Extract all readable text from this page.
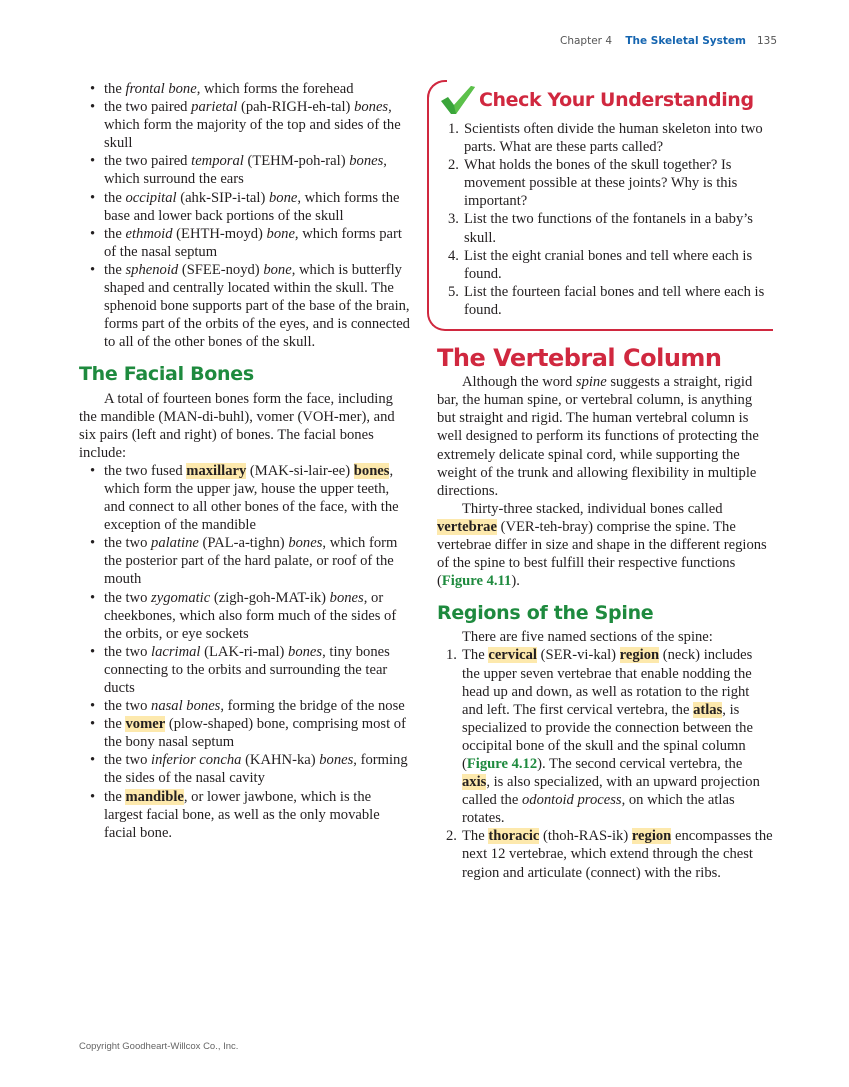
Chapter 4 The Skeletal System 135
• the frontal bone, which forms the forehead
• the two paired parietal (pah-RIGH-eh-tal) bones, which form the majority of the top and sides of the skull
• the two paired temporal (TEHM-poh-ral) bones, which surround the ears
• the occipital (ahk-SIP-i-tal) bone, which forms the base and lower back portions of the skull
• the ethmoid (EHTH-moyd) bone, which forms part of the nasal septum
• the sphenoid (SFEE-noyd) bone, which is butterfly shaped and centrally located within the skull. The sphenoid bone supports part of the base of the brain, forms part of the orbits of the eyes, and is connected to all of the other bones of the skull.
The Facial Bones

A total of fourteen bones form the face, including the mandible (MAN-di-buhl), vomer (VOH-mer), and six pairs (left and right) of bones. The facial bones include:

• the two fused maxillary (MAK-si-lair-ee) bones, which form the upper jaw, house the upper teeth, and connect to all other bones of the face, with the exception of the mandible
• the two palatine (PAL-a-tighn) bones, which form the posterior part of the hard palate, or roof of the mouth
• the two zygomatic (zigh-goh-MAT-ik) bones, or cheekbones, which also form much of the sides of the orbits, or eye sockets
• the two lacrimal (LAK-ri-mal) bones, tiny bones connecting to the orbits and surrounding the tear ducts
• the two nasal bones, forming the bridge of the nose
• the vomer (plow-shaped) bone, comprising most of the bony nasal septum
• the two inferior concha (KAHN-ka) bones, forming the sides of the nasal cavity
• the mandible, or lower jawbone, which is the largest facial bone, as well as the only movable facial bone.
Check Your Understanding
1. Scientists often divide the human skeleton into two parts. What are these parts called?
2. What holds the bones of the skull together? Is movement possible at these joints? Why is this important?
3. List the two functions of the fontanels in a baby’s skull.
4. List the eight cranial bones and tell where each is found.
5. List the fourteen facial bones and tell where each is found.
The Vertebral Column

Although the word spine suggests a straight, rigid bar, the human spine, or vertebral column, is anything but straight and rigid. The human vertebral column is well designed to perform its functions of protecting the extremely delicate spinal cord, while supporting the weight of the trunk and allowing flexibility in multiple directions.

Thirty-three stacked, individual bones called vertebrae (VER-teh-bray) comprise the spine. The vertebrae differ in size and shape in the different regions of the spine to best fulfill their respective functions (Figure 4.11).

Regions of the Spine

There are five named sections of the spine:

1. The cervical (SER-vi-kal) region (neck) includes the upper seven vertebrae that enable nodding the head up and down, as well as rotation to the right and left. The first cervical vertebra, the atlas, is specialized to provide the connection between the occipital bone of the skull and the spinal column (Figure 4.12). The second cervical vertebra, the axis, is also specialized, with an upward projection called the odontoid process, on which the atlas rotates.
2. The thoracic (thoh-RAS-ik) region encompasses the next 12 vertebrae, which extend through the chest region and articulate (connect) with the ribs.
Copyright Goodheart-Willcox Co., Inc.
